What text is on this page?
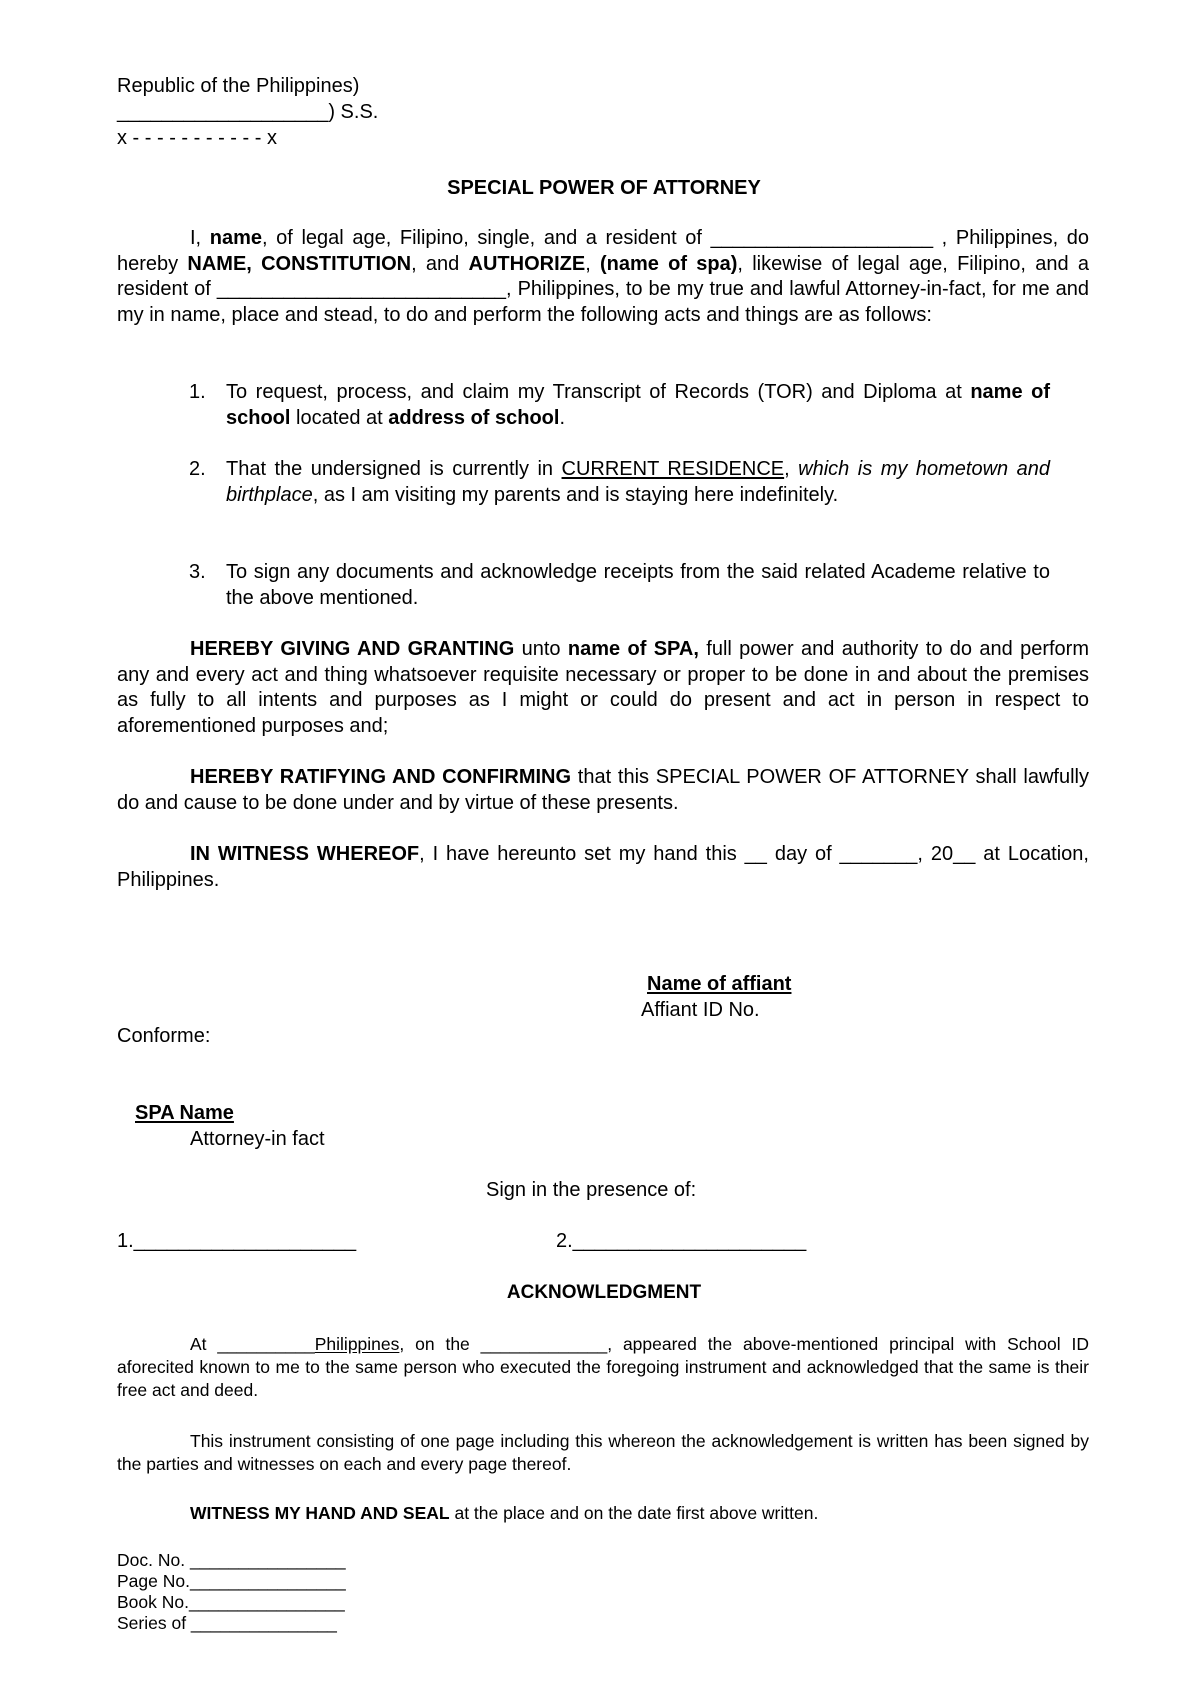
Republic of the Philippines)
___________________) S.S.
x - - - - - - - - - - - x
SPECIAL POWER OF ATTORNEY

I, name, of legal age, Filipino, single, and a resident of ____________________ , Philippines, do hereby NAME, CONSTITUTION, and AUTHORIZE, (name of spa), likewise of legal age, Filipino, and a resident of __________________________, Philippines, to be my true and lawful Attorney-in-fact, for me and my in name, place and stead, to do and perform the following acts and things are as follows:

1.	To request, process, and claim my Transcript of Records (TOR) and Diploma at name of school located at address of school.

2.	That the undersigned is currently in CURRENT RESIDENCE, which is my hometown and birthplace, as I am visiting my parents and is staying here indefinitely.

3.	To sign any documents and acknowledge receipts from the said related Academe relative to the above mentioned.

HEREBY GIVING AND GRANTING unto name of SPA, full power and authority to do and perform any and every act and thing whatsoever requisite necessary or proper to be done in and about the premises as fully to all intents and purposes as I might or could do present and act in person in respect to aforementioned purposes and;

HEREBY RATIFYING AND CONFIRMING that this SPECIAL POWER OF ATTORNEY shall lawfully do and cause to be done under and by virtue of these presents.

IN WITNESS WHEREOF, I have hereunto set my hand this __ day of _______, 20__ at Location, Philippines.

Name of affiant
Affiant ID No.
Conforme:
SPA Name
Attorney-in fact
Sign in the presence of:
1.____________________	2._____________________
ACKNOWLEDGMENT

At __________Philippines, on the _____________, appeared the above-mentioned principal with School ID aforecited known to me to the same person who executed the foregoing instrument and acknowledged that the same is their free act and deed.

This instrument consisting of one page including this whereon the acknowledgement is written has been signed by the parties and witnesses on each and every page thereof.

WITNESS MY HAND AND SEAL at the place and on the date first above written.

Doc. No. ________________
Page No.________________
Book No.________________
Series of _______________
